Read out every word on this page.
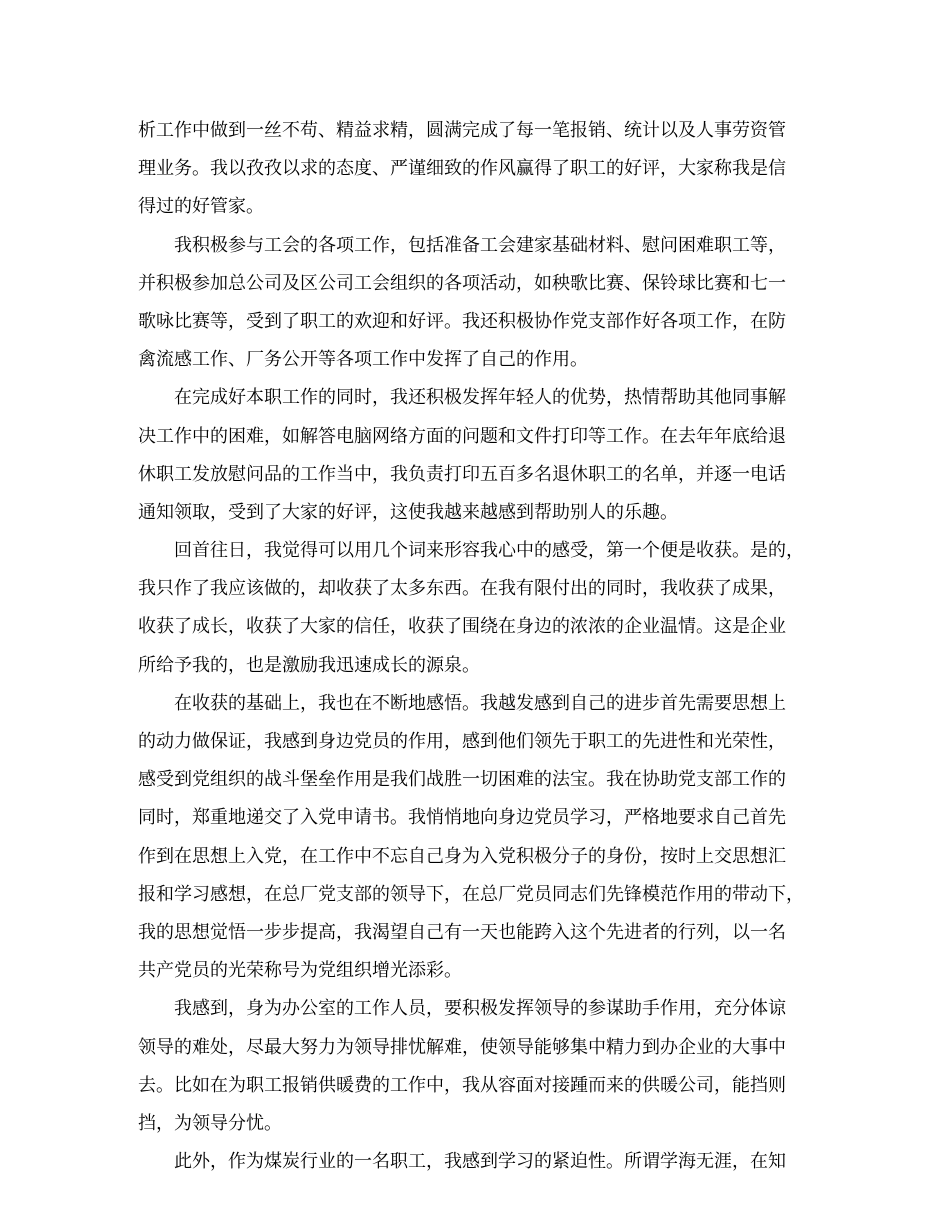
析工作中做到一丝不苟、精益求精，圆满完成了每一笔报销、统计以及人事劳资管
理业务。我以孜孜以求的态度、严谨细致的作风赢得了职工的好评，大家称我是信
得过的好管家。
我积极参与工会的各项工作，包括准备工会建家基础材料、慰问困难职工等，
并积极参加总公司及区公司工会组织的各项活动，如秧歌比赛、保铃球比赛和七一
歌咏比赛等，受到了职工的欢迎和好评。我还积极协作党支部作好各项工作，在防
禽流感工作、厂务公开等各项工作中发挥了自己的作用。
在完成好本职工作的同时，我还积极发挥年轻人的优势，热情帮助其他同事解
决工作中的困难，如解答电脑网络方面的问题和文件打印等工作。在去年年底给退
休职工发放慰问品的工作当中，我负责打印五百多名退休职工的名单，并逐一电话
通知领取，受到了大家的好评，这使我越来越感到帮助别人的乐趣。
回首往日，我觉得可以用几个词来形容我心中的感受，第一个便是收获。是的，
我只作了我应该做的，却收获了太多东西。在我有限付出的同时，我收获了成果，
收获了成长，收获了大家的信任，收获了围绕在身边的浓浓的企业温情。这是企业
所给予我的，也是激励我迅速成长的源泉。
在收获的基础上，我也在不断地感悟。我越发感到自己的进步首先需要思想上
的动力做保证，我感到身边党员的作用，感到他们领先于职工的先进性和光荣性，
感受到党组织的战斗堡垒作用是我们战胜一切困难的法宝。我在协助党支部工作的
同时，郑重地递交了入党申请书。我悄悄地向身边党员学习，严格地要求自己首先
作到在思想上入党，在工作中不忘自己身为入党积极分子的身份，按时上交思想汇
报和学习感想，在总厂党支部的领导下，在总厂党员同志们先锋模范作用的带动下，
我的思想觉悟一步步提高，我渴望自己有一天也能跨入这个先进者的行列，以一名
共产党员的光荣称号为党组织增光添彩。
我感到，身为办公室的工作人员，要积极发挥领导的参谋助手作用，充分体谅
领导的难处，尽最大努力为领导排忧解难，使领导能够集中精力到办企业的大事中
去。比如在为职工报销供暖费的工作中，我从容面对接踵而来的供暖公司，能挡则
挡，为领导分忧。
此外，作为煤炭行业的一名职工，我感到学习的紧迫性。所谓学海无涯，在知
